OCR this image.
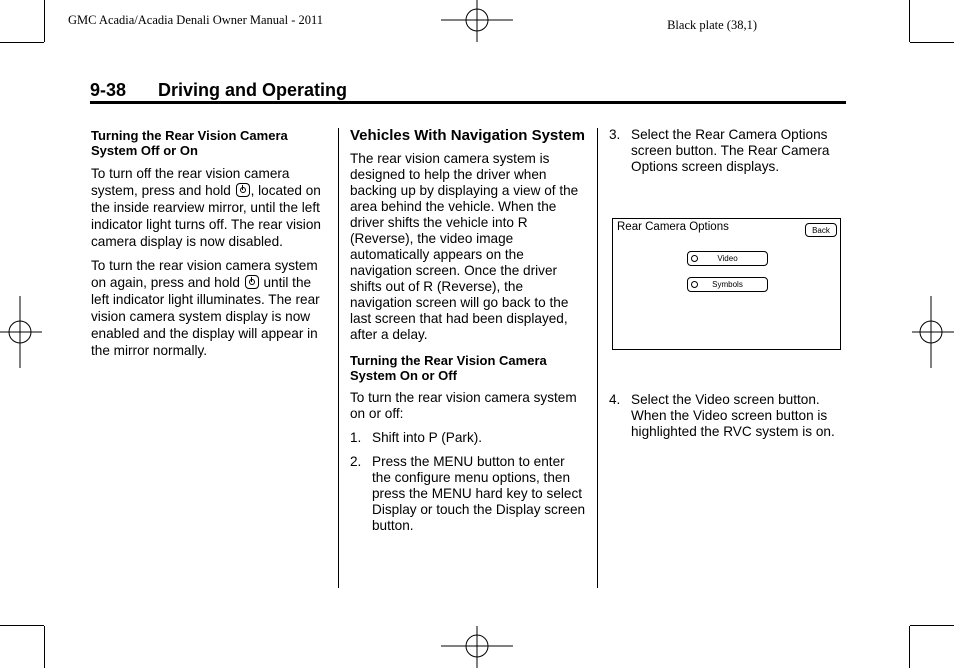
GMC Acadia/Acadia Denali Owner Manual - 2011	Black plate (38,1)
9-38 Driving and Operating
Turning the Rear Vision Camera System Off or On

To turn off the rear vision camera system, press and hold , located on the inside rearview mirror, until the left indicator light turns off. The rear vision camera display is now disabled.

To turn the rear vision camera system on again, press and hold until the left indicator light illuminates. The rear vision camera system display is now enabled and the display will appear in the mirror normally.

Vehicles With Navigation System

The rear vision camera system is designed to help the driver when backing up by displaying a view of the area behind the vehicle. When the driver shifts the vehicle into R (Reverse), the video image automatically appears on the navigation screen. Once the driver shifts out of R (Reverse), the navigation screen will go back to the last screen that had been displayed, after a delay.

Turning the Rear Vision Camera System On or Off

To turn the rear vision camera system on or off:

1. Shift into P (Park).
2. Press the MENU button to enter the configure menu options, then press the MENU hard key to select Display or touch the Display screen button.
3. Select the Rear Camera Options screen button. The Rear Camera Options screen displays.
Rear Camera Options	Back
Video
Symbols
4. Select the Video screen button. When the Video screen button is highlighted the RVC system is on.
